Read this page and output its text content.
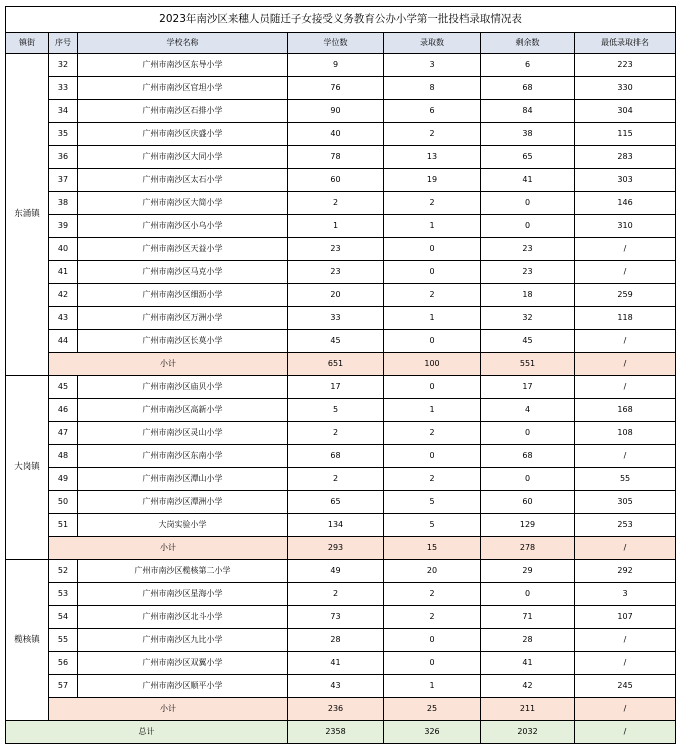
2023年南沙区来穗人员随迁子女接受义务教育公办小学第一批投档录取情况表						
镇街	序号	学校名称	学位数	录取数	剩余数	最低录取排名
东涌镇	32	广州市南沙区东导小学	9	3	6	223
	33	广州市南沙区官坦小学	76	8	68	330
	34	广州市南沙区石排小学	90	6	84	304
	35	广州市南沙区庆盛小学	40	2	38	115
	36	广州市南沙区大同小学	78	13	65	283
	37	广州市南沙区太石小学	60	19	41	303
	38	广州市南沙区大简小学	2	2	0	146
	39	广州市南沙区小乌小学	1	1	0	310
	40	广州市南沙区天益小学	23	0	23	/
	41	广州市南沙区马克小学	23	0	23	/
	42	广州市南沙区细沥小学	20	2	18	259
	43	广州市南沙区万洲小学	33	1	32	118
	44	广州市南沙区长莫小学	45	0	45	/
	小计		651	100	551	/
大岗镇	45	广州市南沙区庙贝小学	17	0	17	/
	46	广州市南沙区高新小学	5	1	4	168
	47	广州市南沙区灵山小学	2	2	0	108
	48	广州市南沙区东南小学	68	0	68	/
	49	广州市南沙区潭山小学	2	2	0	55
	50	广州市南沙区潭洲小学	65	5	60	305
	51	大岗实验小学	134	5	129	253
	小计		293	15	278	/
榄核镇	52	广州市南沙区榄核第二小学	49	20	29	292
	53	广州市南沙区星海小学	2	2	0	3
	54	广州市南沙区北斗小学	73	2	71	107
	55	广州市南沙区九比小学	28	0	28	/
	56	广州市南沙区双翼小学	41	0	41	/
	57	广州市南沙区顺平小学	43	1	42	245
	小计		236	25	211	/
总计			2358	326	2032	/
